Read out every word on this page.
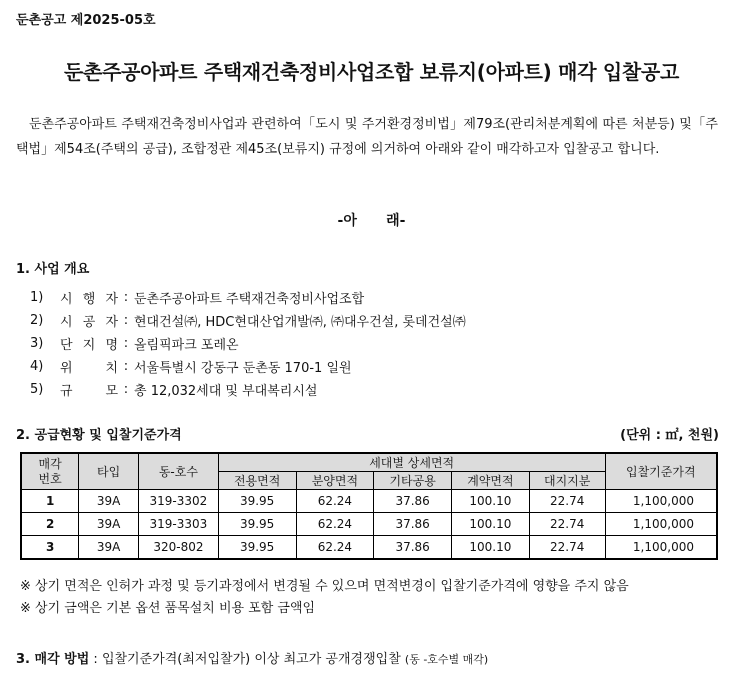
둔촌공고 제2025-05호
둔촌주공아파트 주택재건축정비사업조합 보류지(아파트) 매각 입찰공고
둔촌주공아파트 주택재건축정비사업과 관련하여「도시 및 주거환경정비법」제79조(관리처분계획에 따른 처분등) 및「주택법」제54조(주택의 공급), 조합정관 제45조(보류지) 규정에 의거하여 아래와 같이 매각하고자 입찰공고 합니다.
-아      래-
1. 사업 개요
1)	시 행 자 : 둔촌주공아파트 주택재건축정비사업조합
2)	시 공 자 : 현대건설㈜, HDC현대산업개발㈜, ㈜대우건설, 롯데건설㈜
3)	단 지 명 : 올림픽파크 포레온
4)	위	치 : 서울특별시 강동구 둔촌동 170-1 일원
5)	규	모 : 총 12,032세대 및 부대복리시설
2. 공급현황 및 입찰기준가격	(단위 : ㎡, 천원)
매각
번호	타입	동-호수	세대별 상세면적					입찰기준가격
			전용면적	분양면적	기타공용	계약면적	대지지분	
1	39A	319-3302	39.95	62.24	37.86	100.10	22.74	1,100,000
2	39A	319-3303	39.95	62.24	37.86	100.10	22.74	1,100,000
3	39A	320-802	39.95	62.24	37.86	100.10	22.74	1,100,000
※ 상기 면적은 인허가 과정 및 등기과정에서 변경될 수 있으며 면적변경이 입찰기준가격에 영향을 주지 않음
※ 상기 금액은 기본 옵션 품목설치 비용 포함 금액임
3. 매각 방법 : 입찰기준가격(최저입찰가) 이상 최고가 공개경쟁입찰 (동 -호수별 매각)
